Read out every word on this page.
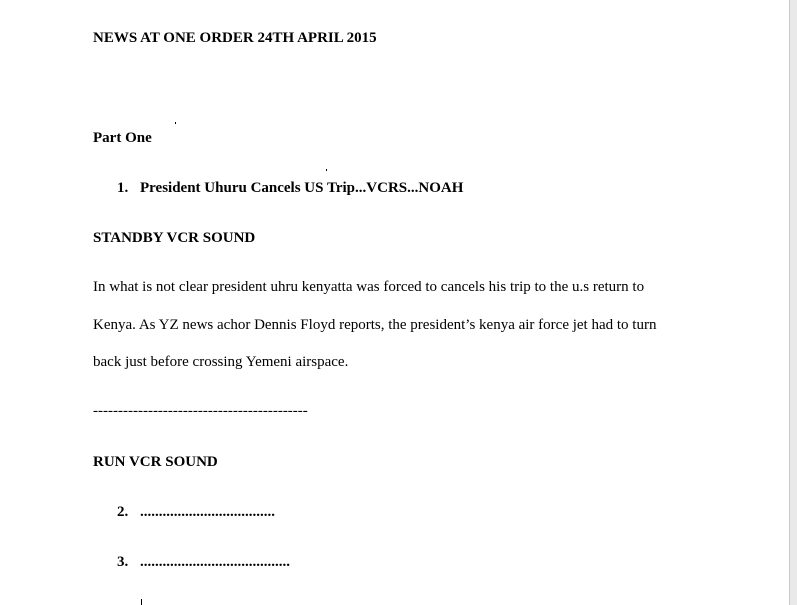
NEWS AT ONE ORDER 24TH APRIL 2015
Part One
1. President Uhuru Cancels US Trip...VCRS...NOAH
STANDBY VCR SOUND
In what is not clear president uhru kenyatta was forced to cancels his trip to the u.s return to
Kenya. As YZ news achor Dennis Floyd reports, the president’s kenya air force jet had to turn
back just before crossing Yemeni airspace.
-------------------------------------------
RUN VCR SOUND
2. ....................................
3. ........................................
